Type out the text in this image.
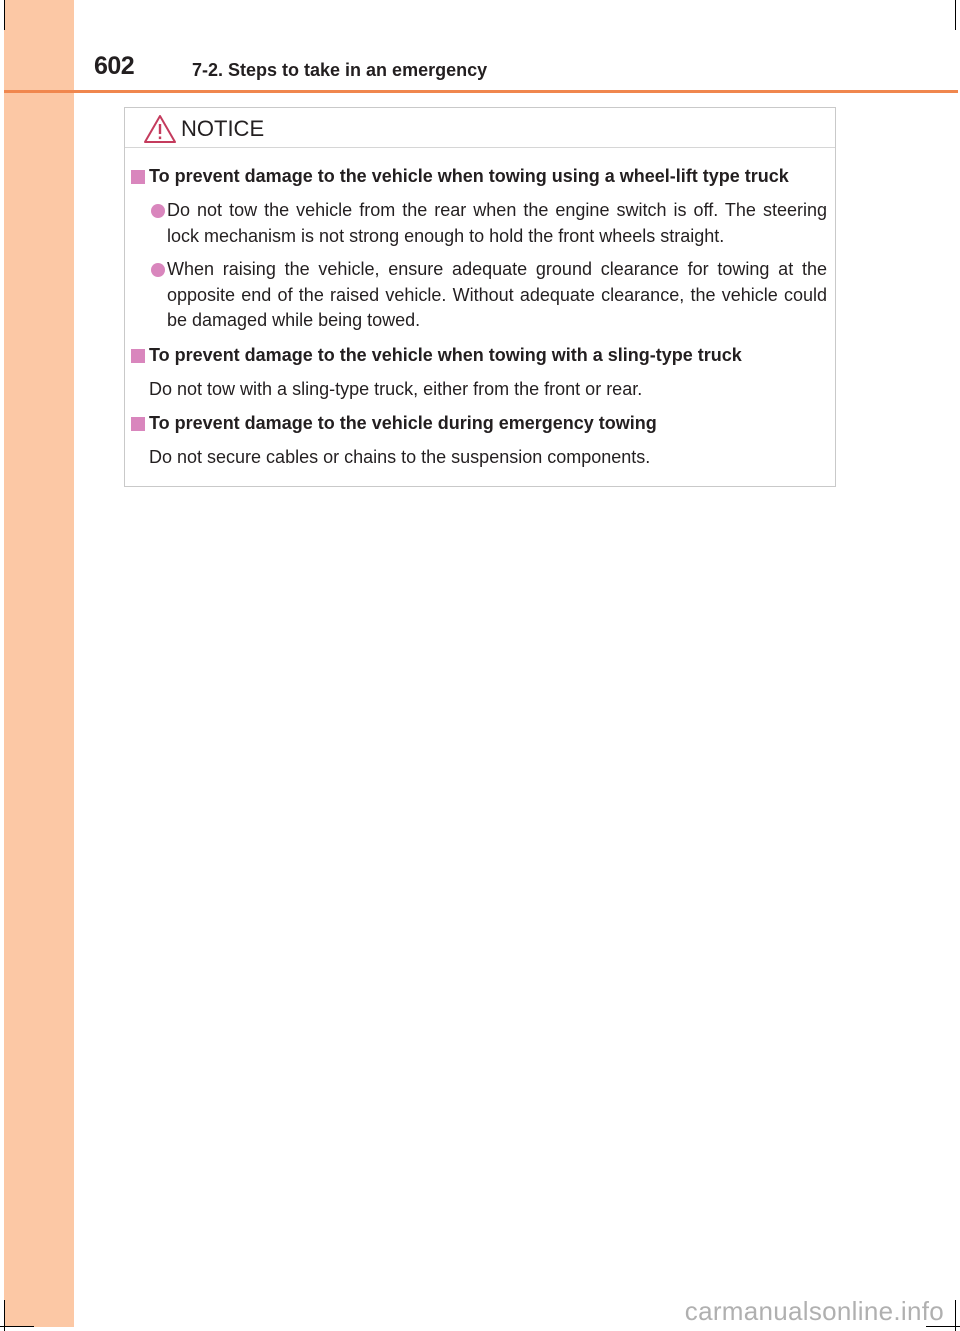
602	7-2. Steps to take in an emergency
NOTICE
To prevent damage to the vehicle when towing using a wheel-lift type truck
Do not tow the vehicle from the rear when the engine switch is off. The steering lock mechanism is not strong enough to hold the front wheels straight.
When raising the vehicle, ensure adequate ground clearance for towing at the opposite end of the raised vehicle. Without adequate clearance, the vehicle could be damaged while being towed.
To prevent damage to the vehicle when towing with a sling-type truck
Do not tow with a sling-type truck, either from the front or rear.
To prevent damage to the vehicle during emergency towing
Do not secure cables or chains to the suspension components.
carmanualsonline.info
